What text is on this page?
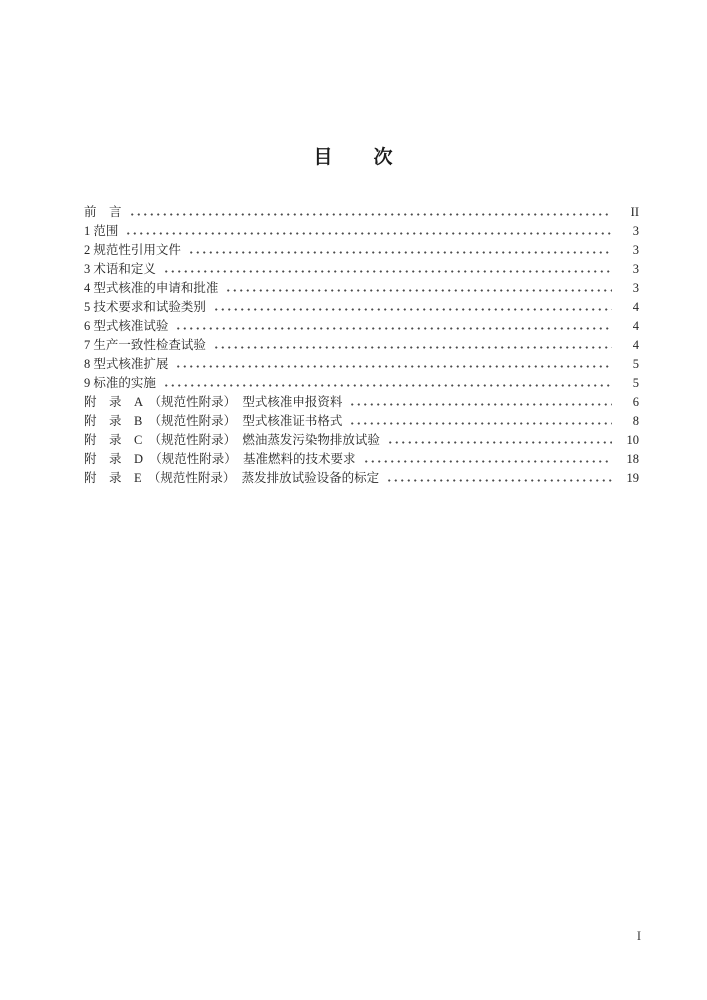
目　　次
前　言	II
1 范围	3
2 规范性引用文件	3
3 术语和定义	3
4 型式核准的申请和批准	3
5 技术要求和试验类别	4
6 型式核准试验	4
7 生产一致性检查试验	4
8 型式核准扩展	5
9 标准的实施	5
附　录　A　（规范性附录）　型式核准申报资料	6
附　录　B　（规范性附录）　型式核准证书格式	8
附　录　C　（规范性附录）　燃油蒸发污染物排放试验	10
附　录　D　（规范性附录）　基准燃料的技术要求	18
附　录　E　（规范性附录）　蒸发排放试验设备的标定	19
I
